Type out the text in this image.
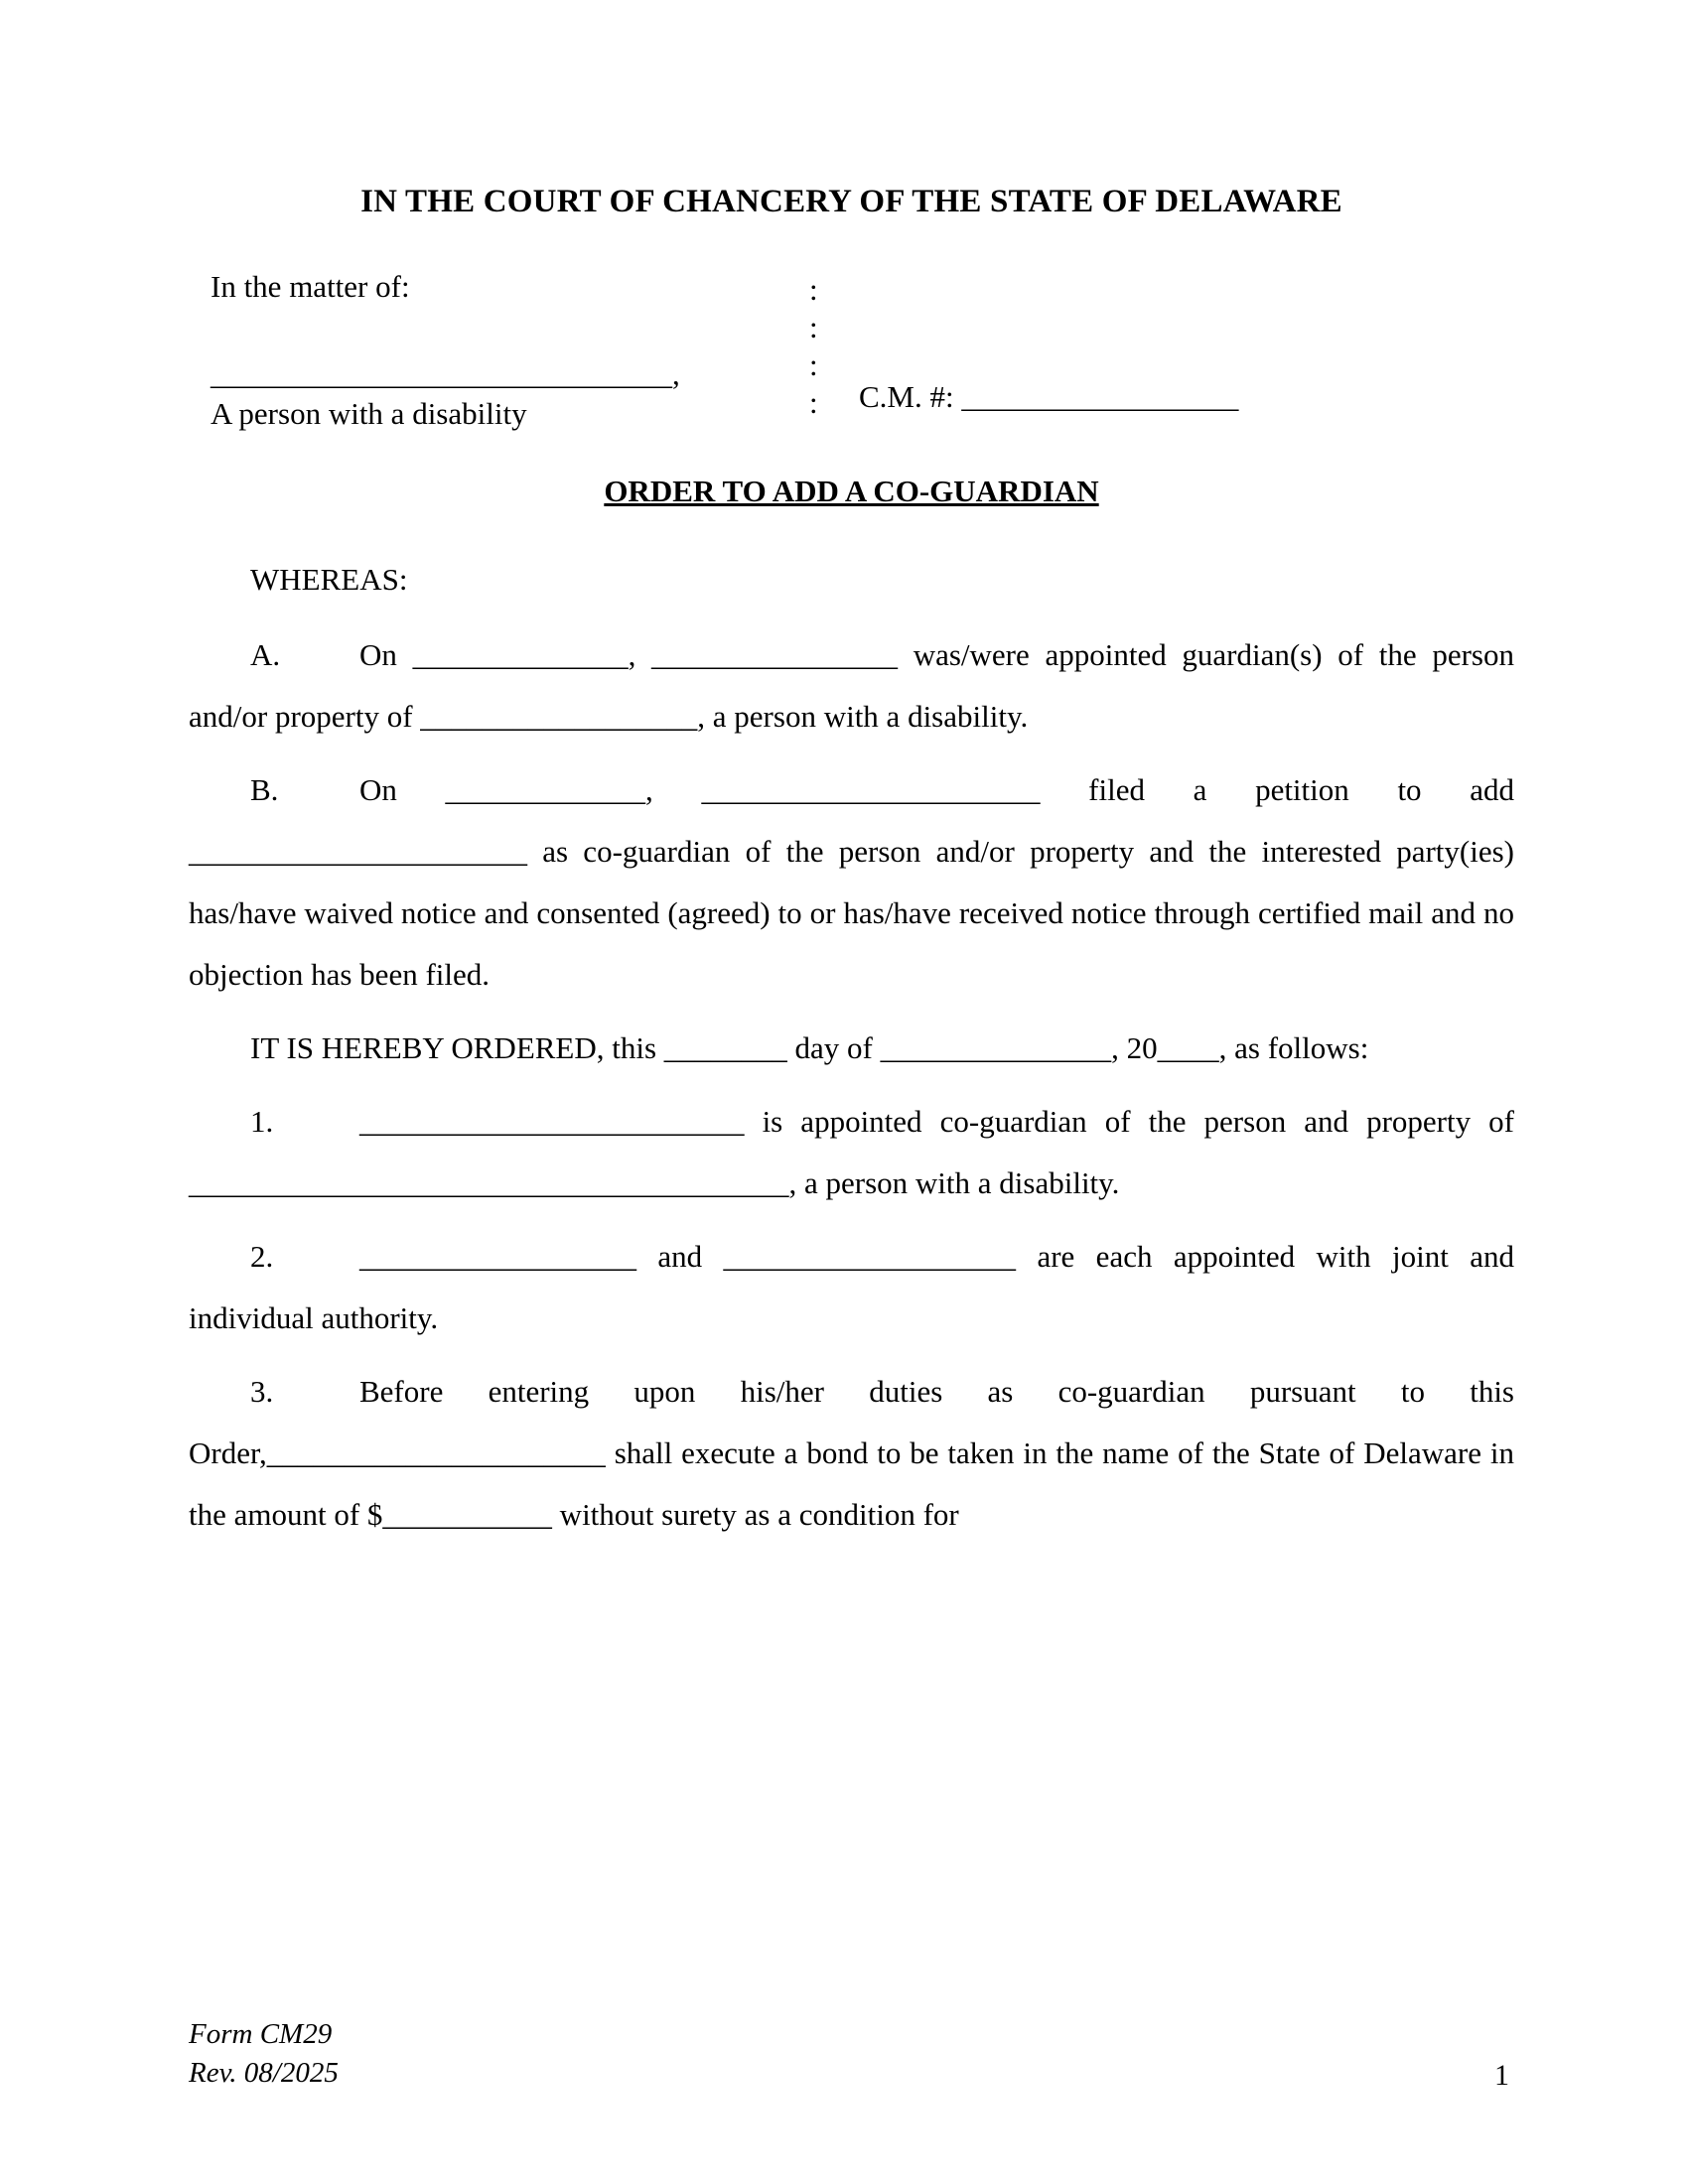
IN THE COURT OF CHANCERY OF THE STATE OF DELAWARE
In the matter of:
______________________________,
A person with a disability
:
:
:
: C.M. #: __________________
ORDER TO ADD A CO-GUARDIAN

WHEREAS:

A.	On ______________, ________________ was/were appointed guardian(s) of the person and/or property of __________________, a person with a disability.

B.	On _____________, ______________________ filed a petition to add ______________________ as co-guardian of the person and/or property and the interested party(ies) has/have waived notice and consented (agreed) to or has/have received notice through certified mail and no objection has been filed.

IT IS HEREBY ORDERED, this ________ day of _______________, 20____, as follows:

1.	_________________________ is appointed co-guardian of the person and property of _______________________________________, a person with a disability.

2.	__________________ and ___________________ are each appointed with joint and individual authority.

3.	Before entering upon his/her duties as co-guardian pursuant to this Order,______________________ shall execute a bond to be taken in the name of the State of Delaware in the amount of $___________ without surety as a condition for

Form CM29
Rev. 08/2025	1
